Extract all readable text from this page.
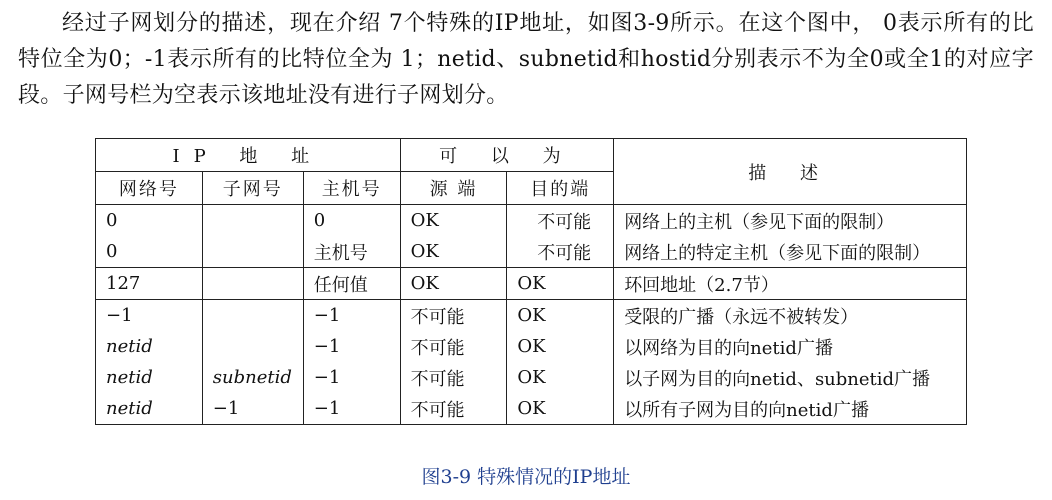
经过子网划分的描述，现在介绍 7个特殊的IP地址，如图3-9所示。在这个图中， 0表示所有的比特位全为0；-1表示所有的比特位全为 1；netid、subnetid和hostid分别表示不为全0或全1的对应字段。子网号栏为空表示该地址没有进行子网划分。

IP 地 址			可 以 为		描 述
网络号	子网号	主机号	源 端	目的端	
0		0	OK	不可能	网络上的主机（参见下面的限制）
0		主机号	OK	不可能	网络上的特定主机（参见下面的限制）
127		任何值	OK	OK	环回地址（2.7节）
−1		−1	不可能	OK	受限的广播（永远不被转发）
netid		−1	不可能	OK	以网络为目的向netid广播
netid	subnetid	−1	不可能	OK	以子网为目的向netid、subnetid广播
netid	−1	−1	不可能	OK	以所有子网为目的向netid广播
图3-9 特殊情况的IP地址
